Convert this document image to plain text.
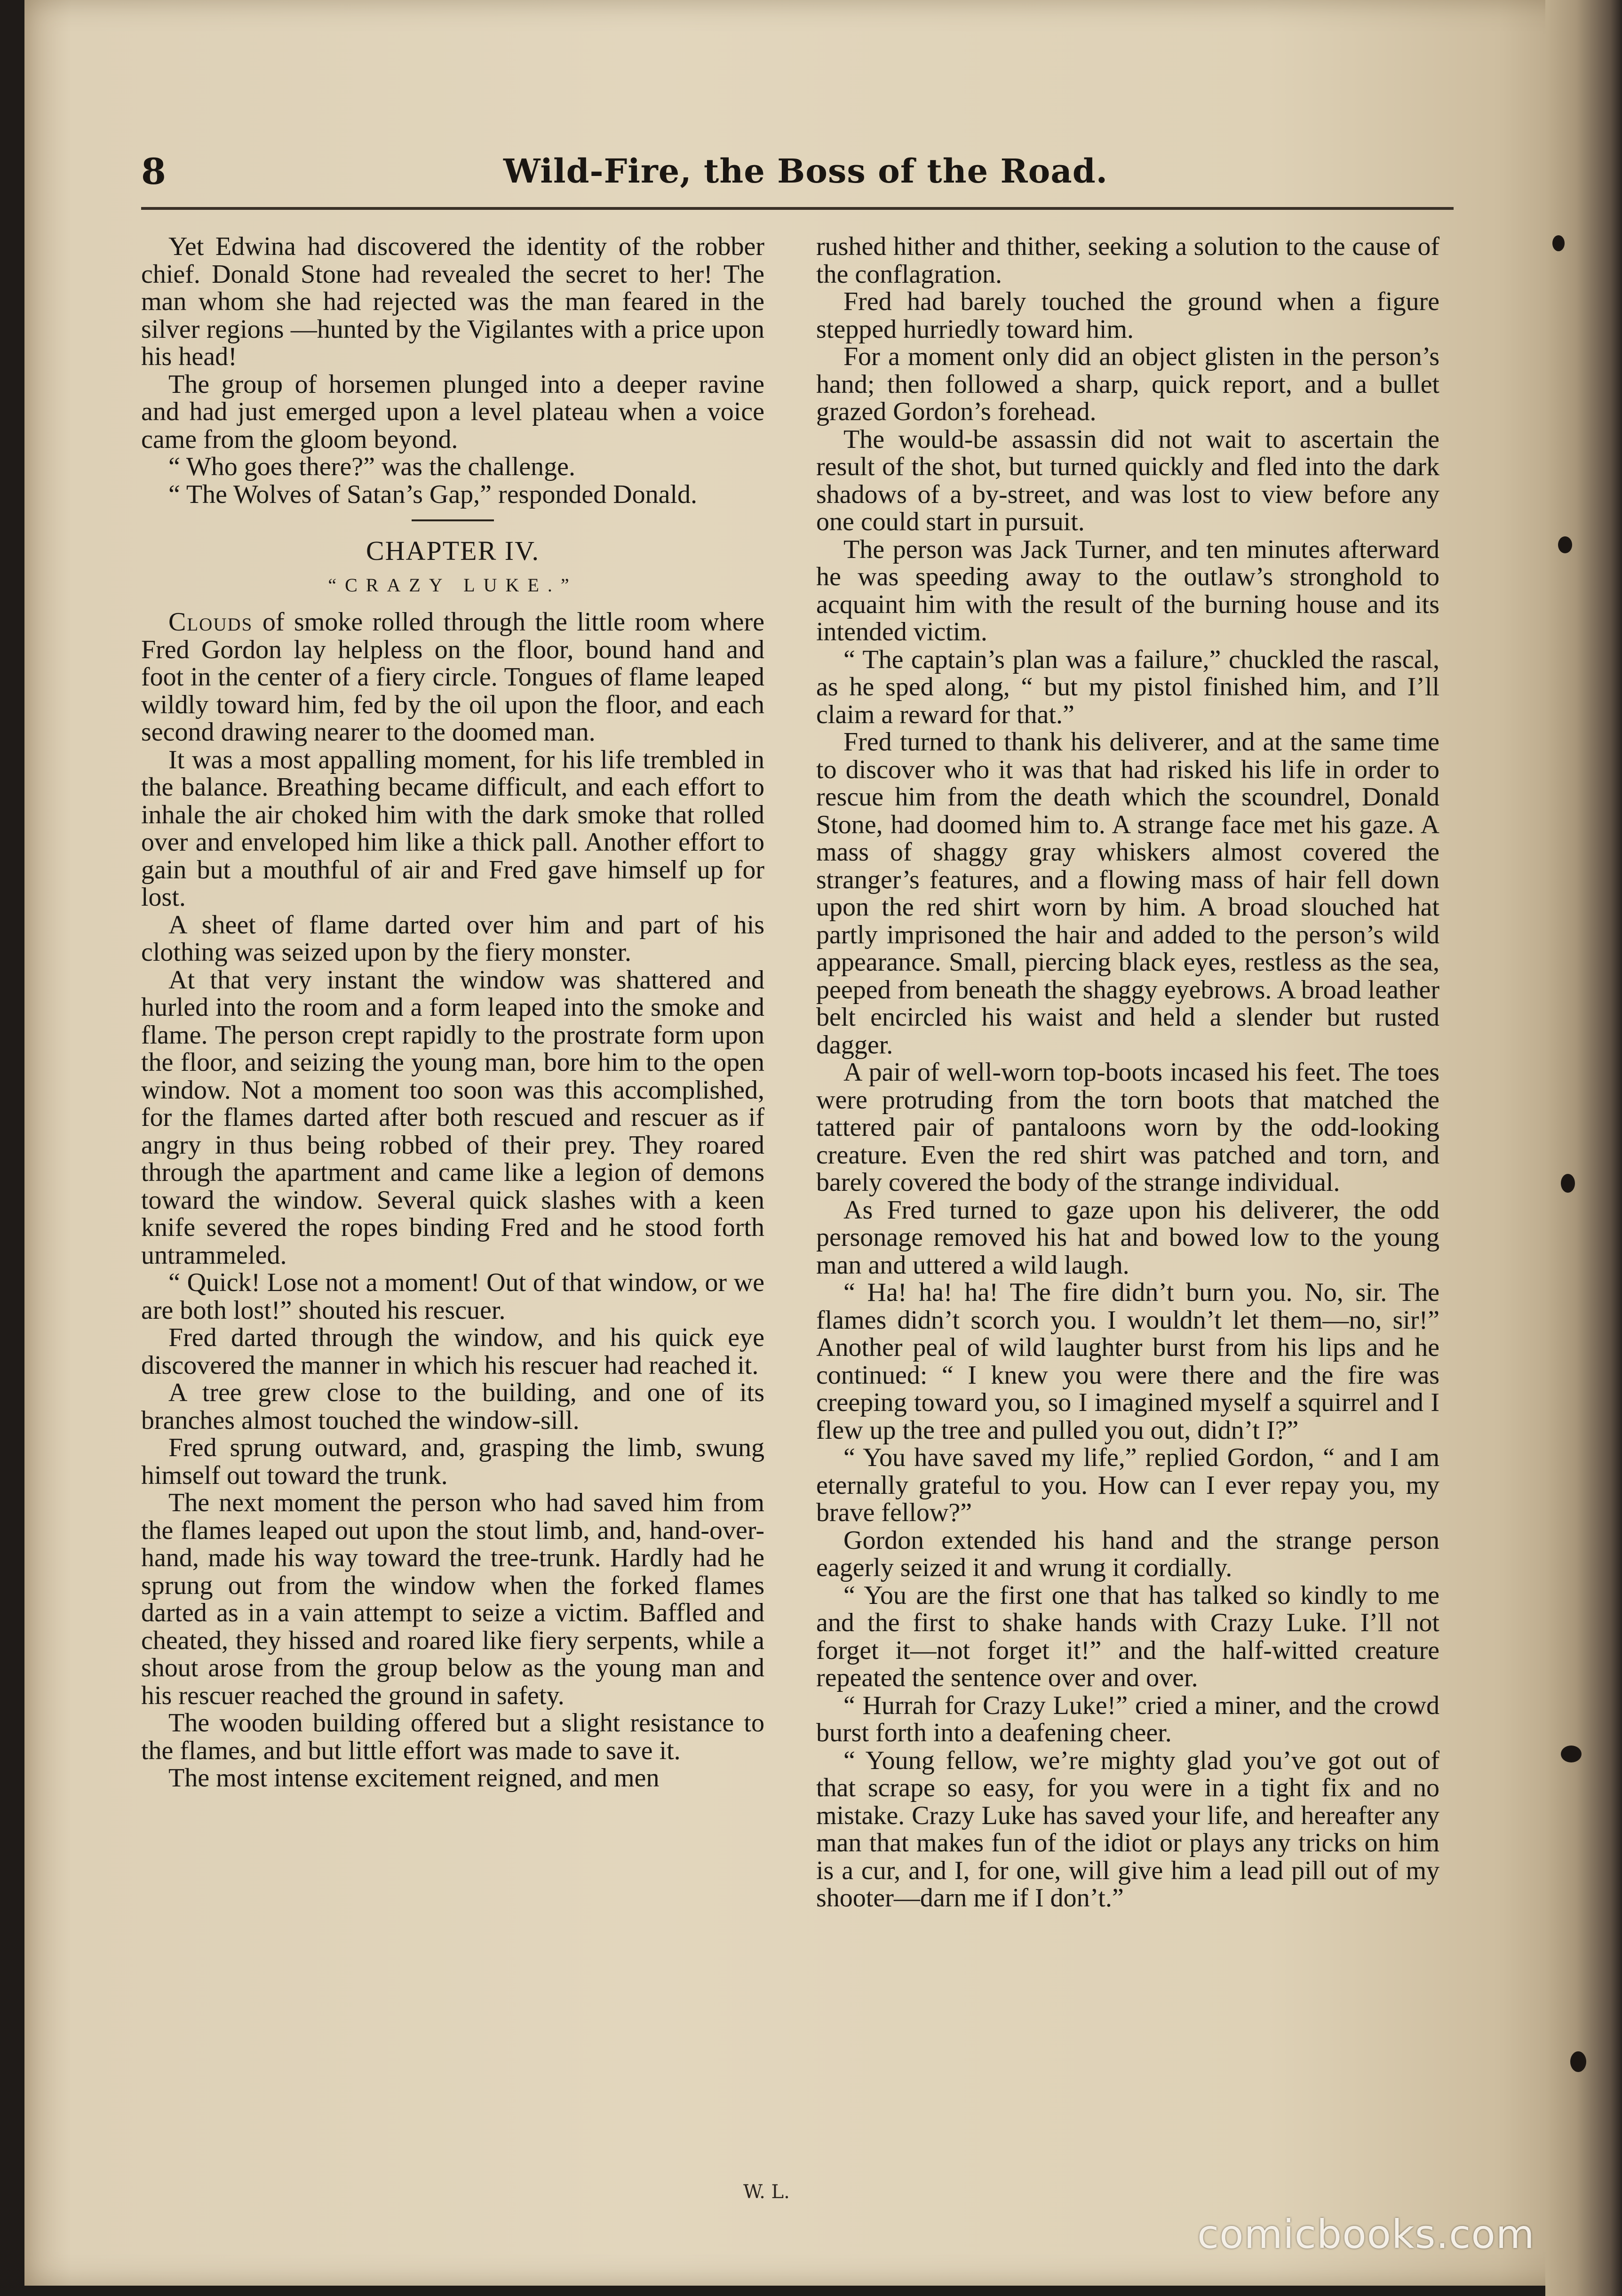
8	Wild-Fire, the Boss of the Road.

Yet Edwina had discovered the identity of the robber chief. Donald Stone had revealed the secret to her! The man whom she had rejected was the man feared in the silver regions —hunted by the Vigilantes with a price upon his head!

The group of horsemen plunged into a deeper ravine and had just emerged upon a level plateau when a voice came from the gloom beyond.

“ Who goes there?” was the challenge.

“ The Wolves of Satan’s Gap,” responded Donald.

CHAPTER IV.
“CRAZY LUKE.”

Clouds of smoke rolled through the little room where Fred Gordon lay helpless on the floor, bound hand and foot in the center of a fiery circle. Tongues of flame leaped wildly toward him, fed by the oil upon the floor, and each second drawing nearer to the doomed man.

It was a most appalling moment, for his life trembled in the balance. Breathing became difficult, and each effort to inhale the air choked him with the dark smoke that rolled over and enveloped him like a thick pall. Another effort to gain but a mouthful of air and Fred gave himself up for lost.

A sheet of flame darted over him and part of his clothing was seized upon by the fiery monster.

At that very instant the window was shattered and hurled into the room and a form leaped into the smoke and flame. The person crept rapidly to the prostrate form upon the floor, and seizing the young man, bore him to the open window. Not a moment too soon was this accomplished, for the flames darted after both rescued and rescuer as if angry in thus being robbed of their prey. They roared through the apartment and came like a legion of demons toward the window. Several quick slashes with a keen knife severed the ropes binding Fred and he stood forth untrammeled.

“ Quick! Lose not a moment! Out of that window, or we are both lost!” shouted his rescuer.

Fred darted through the window, and his quick eye discovered the manner in which his rescuer had reached it.

A tree grew close to the building, and one of its branches almost touched the window-sill.

Fred sprung outward, and, grasping the limb, swung himself out toward the trunk.

The next moment the person who had saved him from the flames leaped out upon the stout limb, and, hand-over-hand, made his way toward the tree-trunk. Hardly had he sprung out from the window when the forked flames darted as in a vain attempt to seize a victim. Baffled and cheated, they hissed and roared like fiery serpents, while a shout arose from the group below as the young man and his rescuer reached the ground in safety.

The wooden building offered but a slight resistance to the flames, and but little effort was made to save it.

The most intense excitement reigned, and men

rushed hither and thither, seeking a solution to the cause of the conflagration.

Fred had barely touched the ground when a figure stepped hurriedly toward him.

For a moment only did an object glisten in the person’s hand; then followed a sharp, quick report, and a bullet grazed Gordon’s forehead.

The would-be assassin did not wait to ascertain the result of the shot, but turned quickly and fled into the dark shadows of a by-street, and was lost to view before any one could start in pursuit.

The person was Jack Turner, and ten minutes afterward he was speeding away to the outlaw’s stronghold to acquaint him with the result of the burning house and its intended victim.

“ The captain’s plan was a failure,” chuckled the rascal, as he sped along, “ but my pistol finished him, and I’ll claim a reward for that.”

Fred turned to thank his deliverer, and at the same time to discover who it was that had risked his life in order to rescue him from the death which the scoundrel, Donald Stone, had doomed him to. A strange face met his gaze. A mass of shaggy gray whiskers almost covered the stranger’s features, and a flowing mass of hair fell down upon the red shirt worn by him. A broad slouched hat partly imprisoned the hair and added to the person’s wild appearance. Small, piercing black eyes, restless as the sea, peeped from beneath the shaggy eyebrows. A broad leather belt encircled his waist and held a slender but rusted dagger.

A pair of well-worn top-boots incased his feet. The toes were protruding from the torn boots that matched the tattered pair of pantaloons worn by the odd-looking creature. Even the red shirt was patched and torn, and barely covered the body of the strange individual.

As Fred turned to gaze upon his deliverer, the odd personage removed his hat and bowed low to the young man and uttered a wild laugh.

“ Ha! ha! ha! The fire didn’t burn you. No, sir. The flames didn’t scorch you. I wouldn’t let them—no, sir!” Another peal of wild laughter burst from his lips and he continued: “ I knew you were there and the fire was creeping toward you, so I imagined myself a squirrel and I flew up the tree and pulled you out, didn’t I?”

“ You have saved my life,” replied Gordon, “ and I am eternally grateful to you. How can I ever repay you, my brave fellow?”

Gordon extended his hand and the strange person eagerly seized it and wrung it cordially.

“ You are the first one that has talked so kindly to me and the first to shake hands with Crazy Luke. I’ll not forget it—not forget it!” and the half-witted creature repeated the sentence over and over.

“ Hurrah for Crazy Luke!” cried a miner, and the crowd burst forth into a deafening cheer.

“ Young fellow, we’re mighty glad you’ve got out of that scrape so easy, for you were in a tight fix and no mistake. Crazy Luke has saved your life, and hereafter any man that makes fun of the idiot or plays any tricks on him is a cur, and I, for one, will give him a lead pill out of my shooter—darn me if I don’t.”

W. L.
comicbooks.com
